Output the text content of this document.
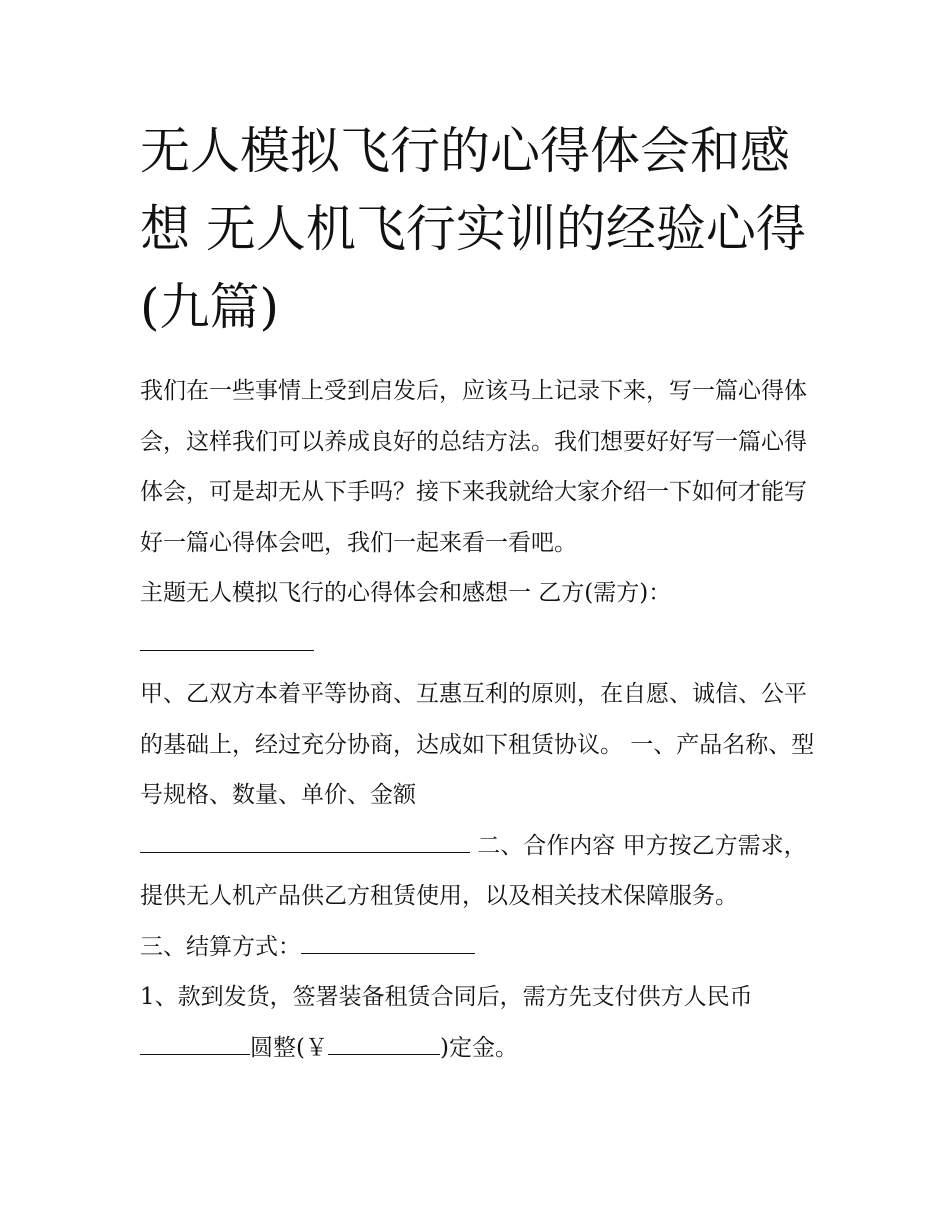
无人模拟飞行的心得体会和感想 无人机飞行实训的经验心得(九篇)

我们在一些事情上受到启发后，应该马上记录下来，写一篇心得体会，这样我们可以养成良好的总结方法。我们想要好好写一篇心得体会，可是却无从下手吗？接下来我就给大家介绍一下如何才能写好一篇心得体会吧，我们一起来看一看吧。

主题无人模拟飞行的心得体会和感想一 乙方(需方)：

甲、乙双方本着平等协商、互惠互利的原则，在自愿、诚信、公平的基础上，经过充分协商，达成如下租赁协议。 一、产品名称、型号规格、数量、单价、金额

二、合作内容 甲方按乙方需求，提供无人机产品供乙方租赁使用，以及相关技术保障服务。

三、结算方式：

1、款到发货，签署装备租赁合同后，需方先支付供方人民币 圆整(￥	)定金。
